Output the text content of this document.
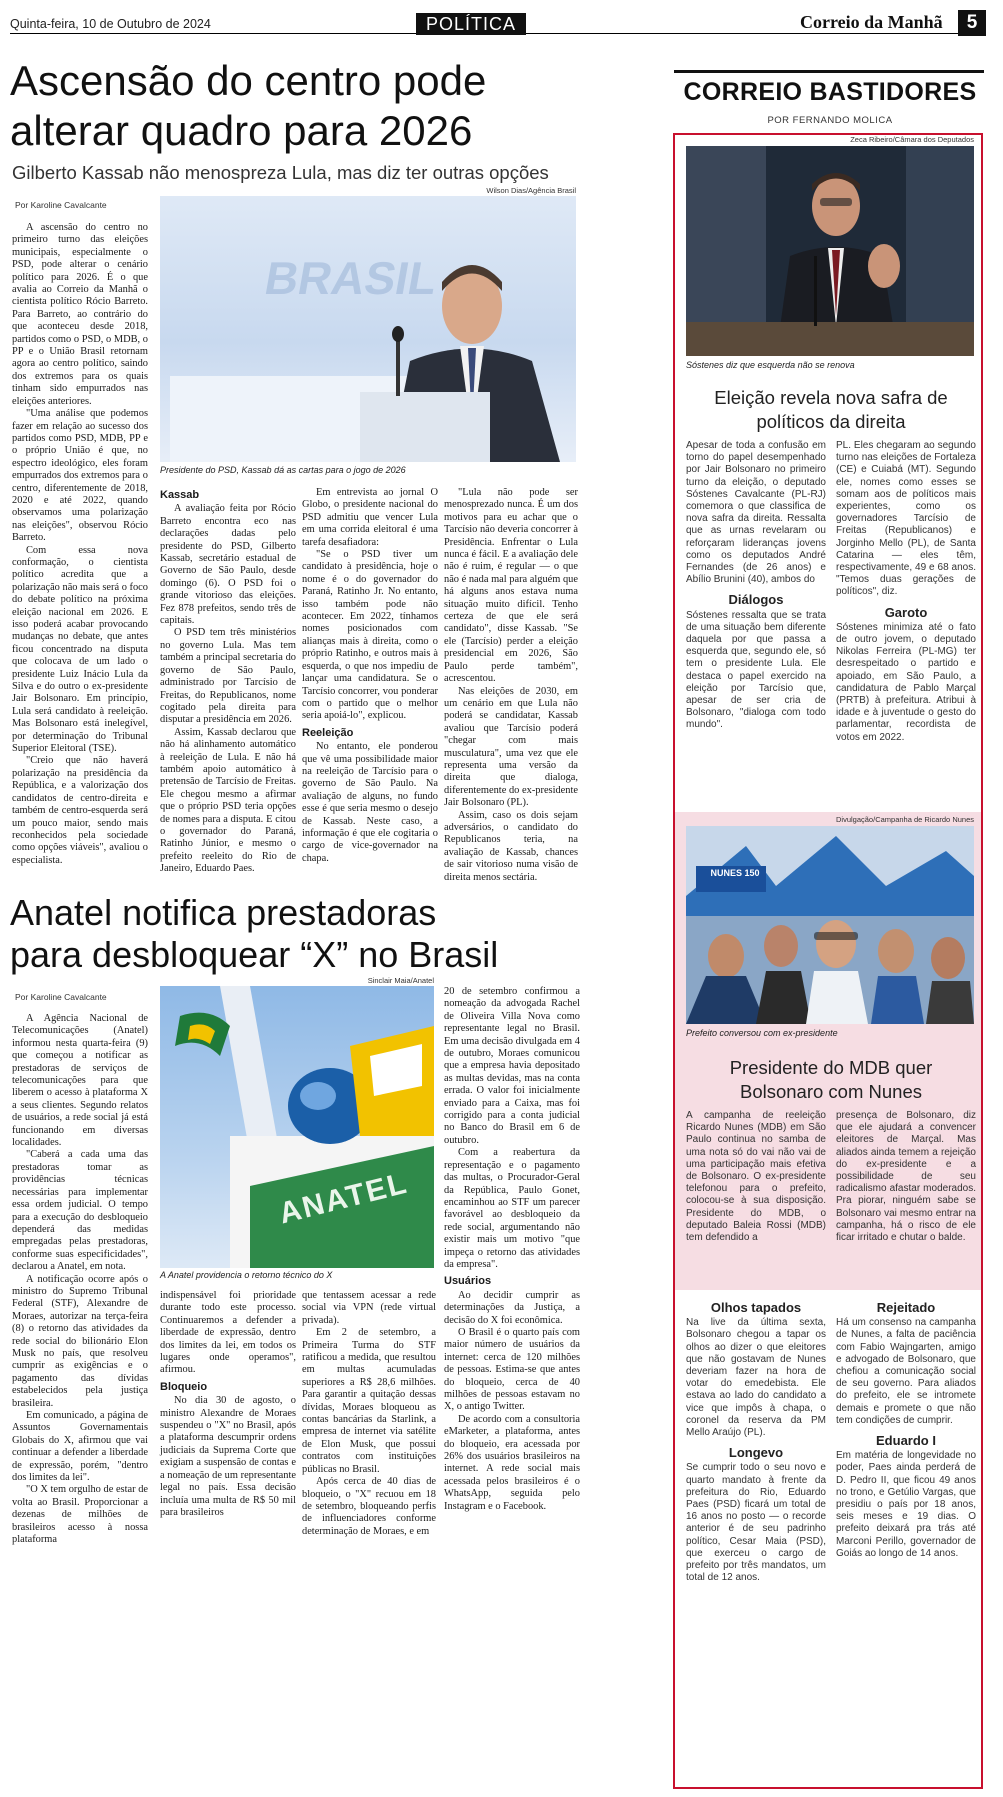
Quinta-feira, 10 de Outubro de 2024	POLÍTICA	Correio da Manhã	5
Ascensão do centro pode
alterar quadro para 2026
Gilberto Kassab não menospreza Lula, mas diz ter outras opções
Por Karoline Cavalcante
Wilson Dias/Agência Brasil
BRASIL
Presidente do PSD, Kassab dá as cartas para o jogo de 2026

A ascensão do centro no primeiro turno das eleições municipais, especialmente o PSD, pode alterar o cenário político para 2026. É o que avalia ao Correio da Manhã o cientista político Rócio Barreto. Para Barreto, ao contrário do que aconteceu desde 2018, partidos como o PSD, o MDB, o PP e o União Brasil retornam agora ao centro político, saindo dos extremos para os quais tinham sido empurrados nas eleições anteriores.

"Uma análise que podemos fazer em relação ao sucesso dos partidos como PSD, MDB, PP e o próprio União é que, no espectro ideológico, eles foram empurrados dos extremos para o centro, diferentemente de 2018, 2020 e até 2022, quando observamos uma polarização nas eleições", observou Rócio Barreto.

Com essa nova conformação, o cientista político acredita que a polarização não mais será o foco do debate político na próxima eleição nacional em 2026. E isso poderá acabar provocando mudanças no debate, que antes ficou concentrado na disputa que colocava de um lado o presidente Luiz Inácio Lula da Silva e do outro o ex-presidente Jair Bolsonaro. Em princípio, Lula será candidato à reeleição. Mas Bolsonaro está inelegível, por determinação do Tribunal Superior Eleitoral (TSE).

"Creio que não haverá polarização na presidência da República, e a valorização dos candidatos de centro-direita e também de centro-esquerda será um pouco maior, sendo mais reconhecidos pela sociedade como opções viáveis", avaliou o especialista.

Kassab

A avaliação feita por Rócio Barreto encontra eco nas declarações dadas pelo presidente do PSD, Gilberto Kassab, secretário estadual de Governo de São Paulo, desde domingo (6). O PSD foi o grande vitorioso das eleições. Fez 878 prefeitos, sendo três de capitais.

O PSD tem três ministérios no governo Lula. Mas tem também a principal secretaria do governo de São Paulo, administrado por Tarcísio de Freitas, do Republicanos, nome cogitado pela direita para disputar a presidência em 2026.

Assim, Kassab declarou que não há alinhamento automático à reeleição de Lula. E não há também apoio automático à pretensão de Tarcísio de Freitas. Ele chegou mesmo a afirmar que o próprio PSD teria opções de nomes para a disputa. E citou o governador do Paraná, Ratinho Júnior, e mesmo o prefeito reeleito do Rio de Janeiro, Eduardo Paes.

Em entrevista ao jornal O Globo, o presidente nacional do PSD admitiu que vencer Lula em uma corrida eleitoral é uma tarefa desafiadora:

"Se o PSD tiver um candidato à presidência, hoje o nome é o do governador do Paraná, Ratinho Jr. No entanto, isso também pode não acontecer. Em 2022, tínhamos nomes posicionados com alianças mais à direita, como o próprio Ratinho, e outros mais à esquerda, o que nos impediu de lançar uma candidatura. Se o Tarcísio concorrer, vou ponderar com o partido que o melhor seria apoiá-lo", explicou.

Reeleição

No entanto, ele ponderou que vê uma possibilidade maior na reeleição de Tarcísio para o governo de São Paulo. Na avaliação de alguns, no fundo esse é que seria mesmo o desejo de Kassab. Neste caso, a informação é que ele cogitaria o cargo de vice-governador na chapa.

"Lula não pode ser menosprezado nunca. É um dos motivos para eu achar que o Tarcísio não deveria concorrer à Presidência. Enfrentar o Lula nunca é fácil. E a avaliação dele não é ruim, é regular — o que não é nada mal para alguém que há alguns anos estava numa situação muito difícil. Tenho certeza de que ele será candidato", disse Kassab. "Se ele (Tarcísio) perder a eleição presidencial em 2026, São Paulo perde também", acrescentou.

Nas eleições de 2030, em um cenário em que Lula não poderá se candidatar, Kassab avaliou que Tarcísio poderá "chegar com mais musculatura", uma vez que ele representa uma versão da direita que dialoga, diferentemente do ex-presidente Jair Bolsonaro (PL).

Assim, caso os dois sejam adversários, o candidato do Republicanos teria, na avaliação de Kassab, chances de sair vitorioso numa visão de direita menos sectária.

Anatel notifica prestadoras
para desbloquear “X” no Brasil
Por Karoline Cavalcante
Sinclair Maia/Anatel
ANATEL
A Anatel providencia o retorno técnico do X

A Agência Nacional de Telecomunicações (Anatel) informou nesta quarta-feira (9) que começou a notificar as prestadoras de serviços de telecomunicações para que liberem o acesso à plataforma X a seus clientes. Segundo relatos de usuários, a rede social já está funcionando em diversas localidades.

"Caberá a cada uma das prestadoras tomar as providências técnicas necessárias para implementar essa ordem judicial. O tempo para a execução do desbloqueio dependerá das medidas empregadas pelas prestadoras, conforme suas especificidades", declarou a Anatel, em nota.

A notificação ocorre após o ministro do Supremo Tribunal Federal (STF), Alexandre de Moraes, autorizar na terça-feira (8) o retorno das atividades da rede social do bilionário Elon Musk no país, que resolveu cumprir as exigências e o pagamento das dívidas estabelecidos pela justiça brasileira.

Em comunicado, a página de Assuntos Governamentais Globais do X, afirmou que vai continuar a defender a liberdade de expressão, porém, "dentro dos limites da lei".

"O X tem orgulho de estar de volta ao Brasil. Proporcionar a dezenas de milhões de brasileiros acesso à nossa plataforma

indispensável foi prioridade durante todo este processo. Continuaremos a defender a liberdade de expressão, dentro dos limites da lei, em todos os lugares onde operamos", afirmou.

Bloqueio

No dia 30 de agosto, o ministro Alexandre de Moraes suspendeu o "X" no Brasil, após a plataforma descumprir ordens judiciais da Suprema Corte que exigiam a suspensão de contas e a nomeação de um representante legal no país. Essa decisão incluía uma multa de R$ 50 mil para brasileiros

que tentassem acessar a rede social via VPN (rede virtual privada).

Em 2 de setembro, a Primeira Turma do STF ratificou a medida, que resultou em multas acumuladas superiores a R$ 28,6 milhões. Para garantir a quitação dessas dívidas, Moraes bloqueou as contas bancárias da Starlink, a empresa de internet via satélite de Elon Musk, que possui contratos com instituições públicas no Brasil.

Após cerca de 40 dias de bloqueio, o "X" recuou em 18 de setembro, bloqueando perfis de influenciadores conforme determinação de Moraes, e em

20 de setembro confirmou a nomeação da advogada Rachel de Oliveira Villa Nova como representante legal no Brasil. Em uma decisão divulgada em 4 de outubro, Moraes comunicou que a empresa havia depositado as multas devidas, mas na conta errada. O valor foi inicialmente enviado para a Caixa, mas foi corrigido para a conta judicial no Banco do Brasil em 6 de outubro.

Com a reabertura da representação e o pagamento das multas, o Procurador-Geral da República, Paulo Gonet, encaminhou ao STF um parecer favorável ao desbloqueio da rede social, argumentando não existir mais um motivo "que impeça o retorno das atividades da empresa".

Usuários

Ao decidir cumprir as determinações da Justiça, a decisão do X foi econômica.

O Brasil é o quarto país com maior número de usuários da internet: cerca de 120 milhões de pessoas. Estima-se que antes do bloqueio, cerca de 40 milhões de pessoas estavam no X, o antigo Twitter.

De acordo com a consultoria eMarketer, a plataforma, antes do bloqueio, era acessada por 26% dos usuários brasileiros na internet. A rede social mais acessada pelos brasileiros é o WhatsApp, seguida pelo Instagram e o Facebook.

CORREIO BASTIDORES
POR FERNANDO MOLICA
Zeca Ribeiro/Câmara dos Deputados
Sóstenes diz que esquerda não se renova
Eleição revela nova safra de políticos da direita

Apesar de toda a confusão em torno do papel desempenhado por Jair Bolsonaro no primeiro turno da eleição, o deputado Sóstenes Cavalcante (PL-RJ) comemora o que classifica de nova safra da direita. Ressalta que as urnas revelaram ou reforçaram lideranças jovens como os deputados André Fernandes (de 26 anos) e Abílio Brunini (40), ambos do

Diálogos

Sóstenes ressalta que se trata de uma situação bem diferente daquela por que passa a esquerda que, segundo ele, só tem o presidente Lula. Ele destaca o papel exercido na eleição por Tarcísio que, apesar de ser cria de Bolsonaro, "dialoga com todo mundo".

PL. Eles chegaram ao segundo turno nas eleições de Fortaleza (CE) e Cuiabá (MT). Segundo ele, nomes como esses se somam aos de políticos mais experientes, como os governadores Tarcísio de Freitas (Republicanos) e Jorginho Mello (PL), de Santa Catarina — eles têm, respectivamente, 49 e 68 anos. "Temos duas gerações de políticos", diz.

Garoto

Sóstenes minimiza até o fato de outro jovem, o deputado Nikolas Ferreira (PL-MG) ter desrespeitado o partido e apoiado, em São Paulo, a candidatura de Pablo Marçal (PRTB) à prefeitura. Atribui à idade e à juventude o gesto do parlamentar, recordista de votos em 2022.

Divulgação/Campanha de Ricardo Nunes
NUNES 150
Prefeito conversou com ex-presidente
Presidente do MDB quer Bolsonaro com Nunes

A campanha de reeleição Ricardo Nunes (MDB) em São Paulo continua no samba de uma nota só do vai não vai de uma participação mais efetiva de Bolsonaro. O ex-presidente telefonou para o prefeito, colocou-se à sua disposição. Presidente do MDB, o deputado Baleia Rossi (MDB) tem defendido a

presença de Bolsonaro, diz que ele ajudará a convencer eleitores de Marçal. Mas aliados ainda temem a rejeição do ex-presidente e a possibilidade de seu radicalismo afastar moderados. Pra piorar, ninguém sabe se Bolsonaro vai mesmo entrar na campanha, há o risco de ele ficar irritado e chutar o balde.

Olhos tapados

Na live da última sexta, Bolsonaro chegou a tapar os olhos ao dizer o que eleitores que não gostavam de Nunes deveriam fazer na hora de votar do emedebista. Ele estava ao lado do candidato a vice que impôs à chapa, o coronel da reserva da PM Mello Araújo (PL).

Longevo

Se cumprir todo o seu novo e quarto mandato à frente da prefeitura do Rio, Eduardo Paes (PSD) ficará um total de 16 anos no posto — o recorde anterior é de seu padrinho político, Cesar Maia (PSD), que exerceu o cargo de prefeito por três mandatos, um total de 12 anos.

Rejeitado

Há um consenso na campanha de Nunes, a falta de paciência com Fabio Wajngarten, amigo e advogado de Bolsonaro, que chefiou a comunicação social de seu governo. Para aliados do prefeito, ele se intromete demais e promete o que não tem condições de cumprir.

Eduardo I

Em matéria de longevidade no poder, Paes ainda perderá de D. Pedro II, que ficou 49 anos no trono, e Getúlio Vargas, que presidiu o país por 18 anos, seis meses e 19 dias. O prefeito deixará pra trás até Marconi Perillo, governador de Goiás ao longo de 14 anos.
